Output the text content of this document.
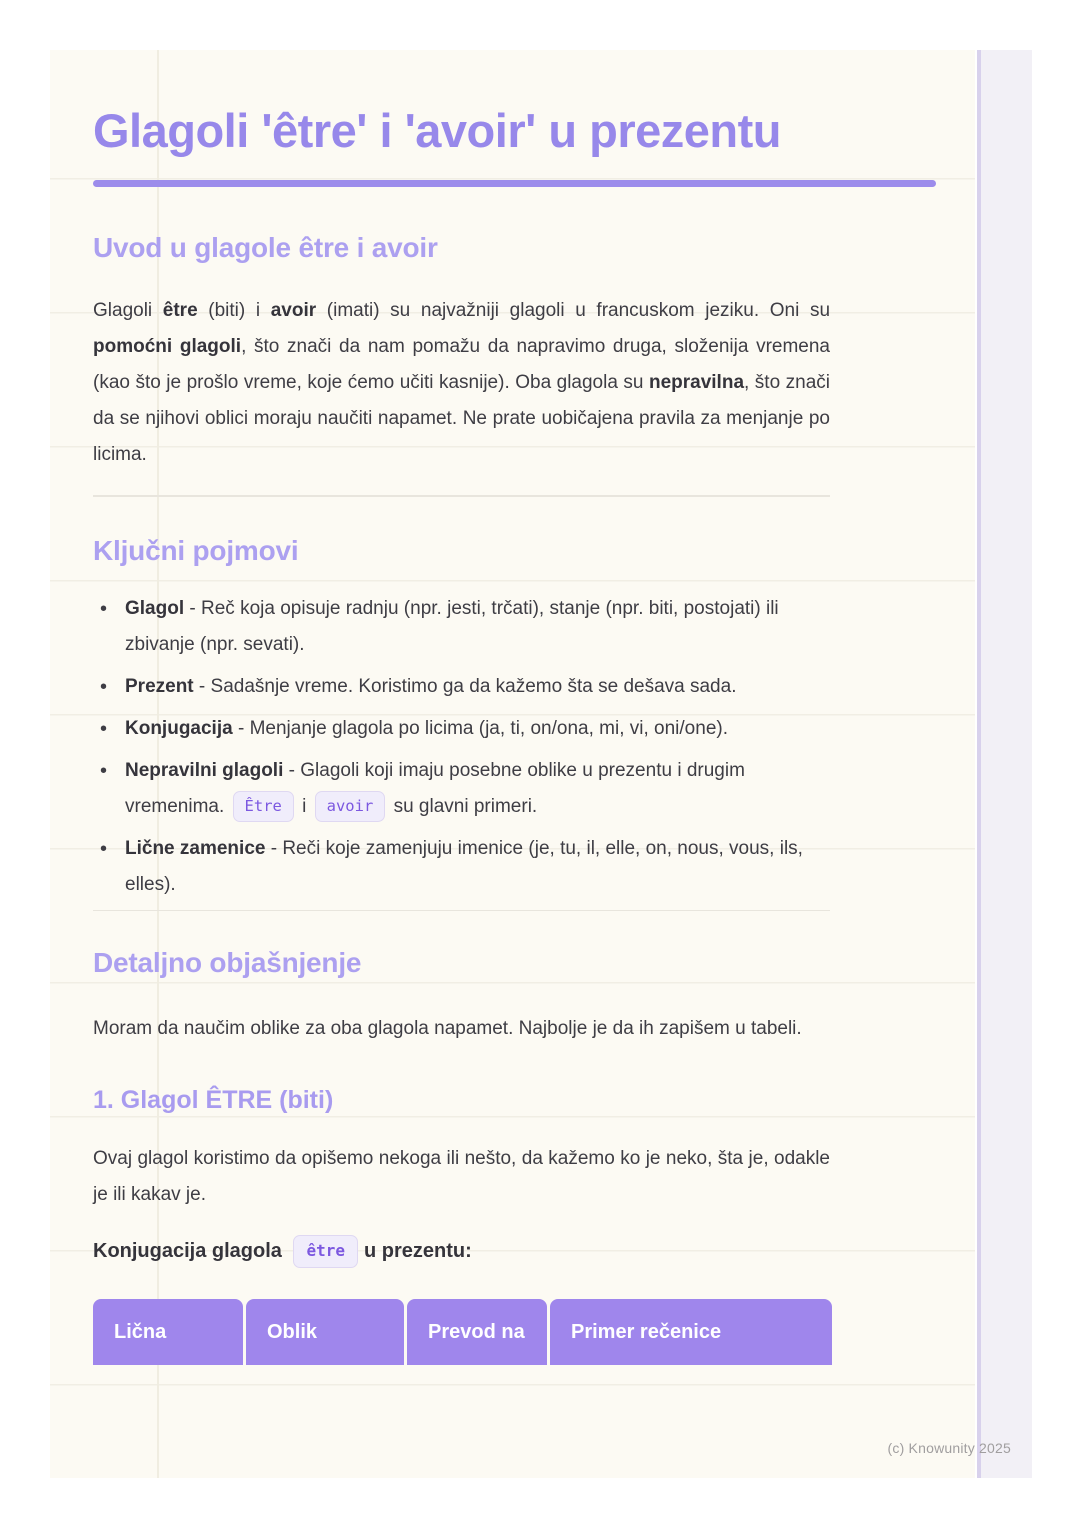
Glagoli 'être' i 'avoir' u prezentu
Uvod u glagole être i avoir

Glagoli être (biti) i avoir (imati) su najvažniji glagoli u francuskom jeziku. Oni su pomoćni glagoli, što znači da nam pomažu da napravimo druga, složenija vremena (kao što je prošlo vreme, koje ćemo učiti kasnije). Oba glagola su nepravilna, što znači da se njihovi oblici moraju naučiti napamet. Ne prate uobičajena pravila za menjanje po licima.

Ključni pojmovi
• Glagol - Reč koja opisuje radnju (npr. jesti, trčati), stanje (npr. biti, postojati) ili zbivanje (npr. sevati).
• Prezent - Sadašnje vreme. Koristimo ga da kažemo šta se dešava sada.
• Konjugacija - Menjanje glagola po licima (ja, ti, on/ona, mi, vi, oni/one).
• Nepravilni glagoli - Glagoli koji imaju posebne oblike u prezentu i drugim vremenima. Être i avoir su glavni primeri.
• Lične zamenice - Reči koje zamenjuju imenice (je, tu, il, elle, on, nous, vous, ils, elles).
Detaljno objašnjenje

Moram da naučim oblike za oba glagola napamet. Najbolje je da ih zapišem u tabeli.

1. Glagol ÊTRE (biti)

Ovaj glagol koristimo da opišemo nekoga ili nešto, da kažemo ko je neko, šta je, odakle je ili kakav je.

Konjugacija glagola être u prezentu:

Lična	Oblik	Prevod na	Primer rečenice
(c) Knowunity 2025
